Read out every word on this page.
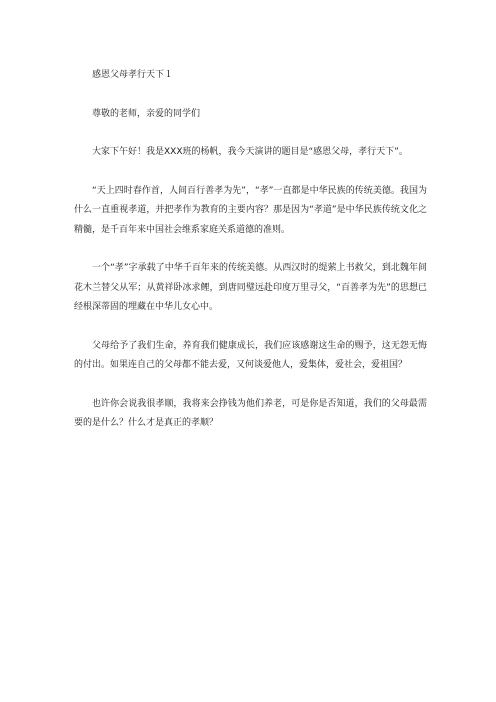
感恩父母孝行天下１

尊敬的老师，亲爱的同学们

大家下午好！我是XXX班的杨帆，我今天演讲的题目是“感恩父母，孝行天下”。

“天上四时春作首，人间百行善孝为先”，“孝”一直都是中华民族的传统美德。我国为什么一直重视孝道，并把孝作为教育的主要内容？那是因为“孝道”是中华民族传统文化之精髓，是千百年来中国社会维系家庭关系道德的准则。

一个“孝”字承载了中华千百年来的传统美德。从西汉时的缇萦上书救父，到北魏年间花木兰替父从军；从黄祥卧冰求鲤，到唐同璧远赴印度万里寻父，“百善孝为先”的思想已经根深蒂固的埋藏在中华儿女心中。

父母给予了我们生命，养育我们健康成长，我们应该感谢这生命的赐予，这无怨无悔的付出。如果连自己的父母都不能去爱，又何谈爱他人，爱集体，爱社会，爱祖国？

也许你会说我很孝顺，我将来会挣钱为他们养老，可是你是否知道，我们的父母最需要的是什么？什么才是真正的孝顺？
